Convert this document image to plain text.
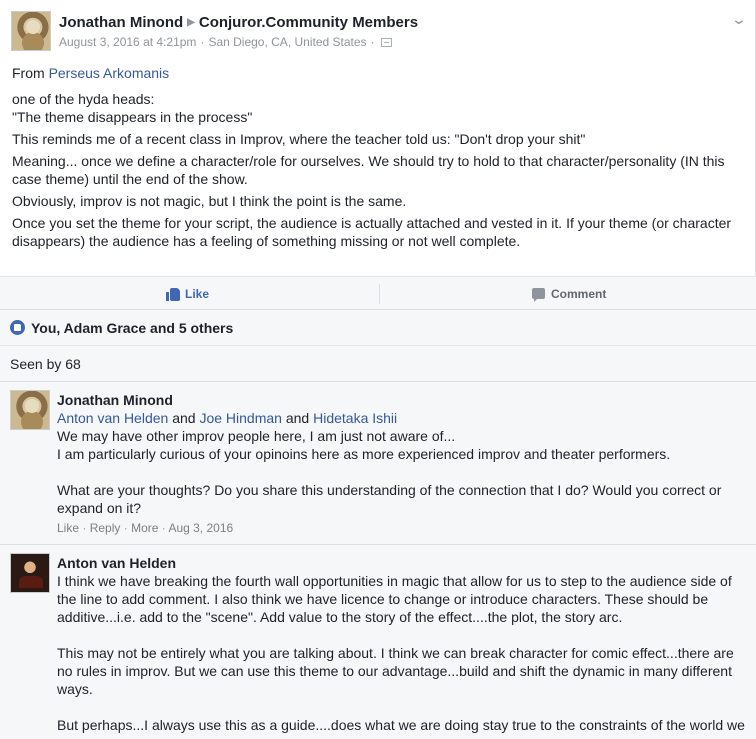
Jonathan Minond ▶ Conjuror.Community Members
August 3, 2016 at 4:21pm · San Diego, CA, United States ·
⌄

From Perseus Arkomanis

one of the hyda heads:

"The theme disappears in the process"

This reminds me of a recent class in Improv, where the teacher told us: "Don't drop your shit"

Meaning... once we define a character/role for ourselves. We should try to hold to that character/personality (IN this case theme) until the end of the show.

Obviously, improv is not magic, but I think the point is the same.

Once you set the theme for your script, the audience is actually attached and vested in it. If your theme (or character disappears) the audience has a feeling of something missing or not well complete.

Like	Comment
You, Adam Grace and 5 others
Seen by 68
Jonathan Minond
Anton van Helden and Joe Hindman and Hidetaka Ishii
We may have other improv people here, I am just not aware of...
I am particularly curious of your opinoins here as more experienced improv and theater performers.
What are your thoughts? Do you share this understanding of the connection that I do? Would you correct or expand on it?
Like · Reply · More · Aug 3, 2016
Anton van Helden
I think we have breaking the fourth wall opportunities in magic that allow for us to step to the audience side of the line to add comment. I also think we have licence to change or introduce characters. These should be additive...i.e. add to the "scene". Add value to the story of the effect....the plot, the story arc.
This may not be entirely what you are talking about. I think we can break character for comic effect...there are no rules in improv. But we can use this theme to our advantage...build and shift the dynamic in many different ways.
But perhaps...I always use this as a guide....does what we are doing stay true to the constraints of the world we
